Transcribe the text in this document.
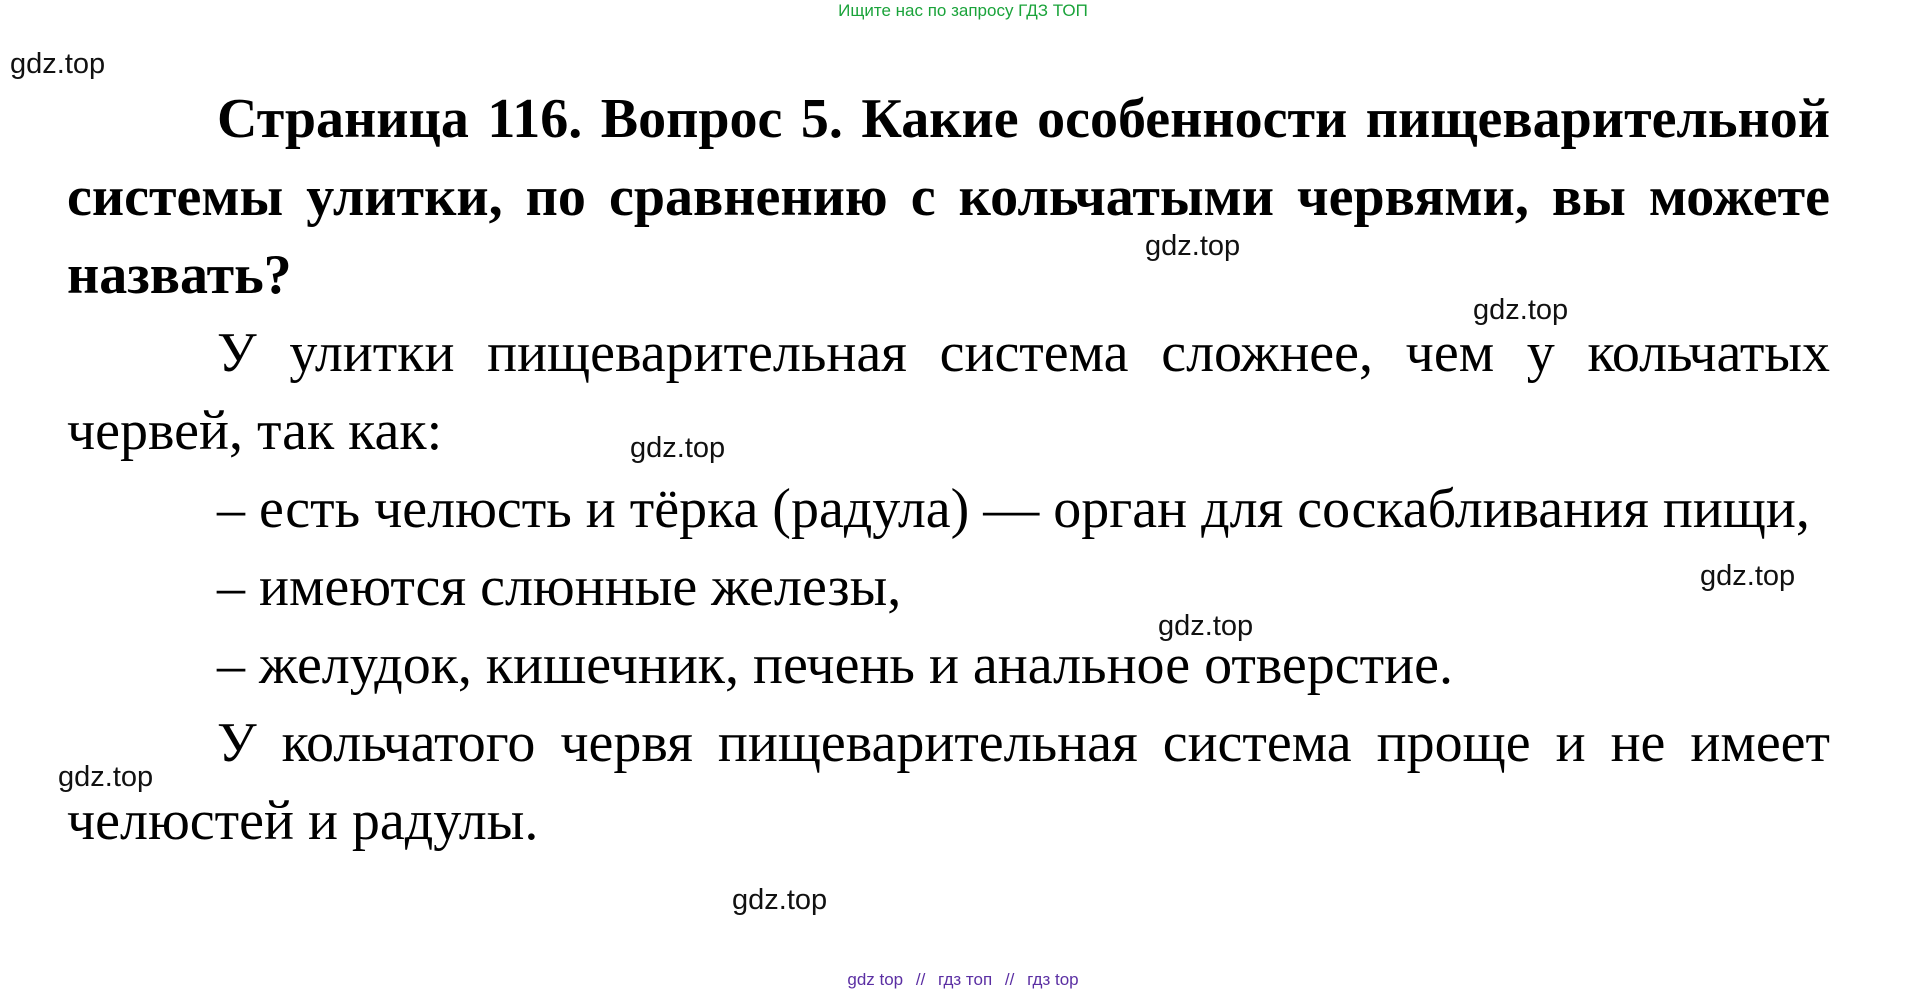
Ищите нас по запросу ГДЗ ТОП
gdz.top
gdz.top
gdz.top
gdz.top
gdz.top
gdz.top
gdz.top
gdz.top

Страница 116. Вопрос 5. Какие особенности пищеварительной системы улитки, по сравнению с кольчатыми червями, вы можете назвать?

У улитки пищеварительная система сложнее, чем у кольчатых червей, так как:

– есть челюсть и тёрка (радула) — орган для соскабливания пищи,

– имеются слюнные железы,

– желудок, кишечник, печень и анальное отверстие.

У кольчатого червя пищеварительная система проще и не имеет челюстей и радулы.

gdz top // гдз топ // гдз top
